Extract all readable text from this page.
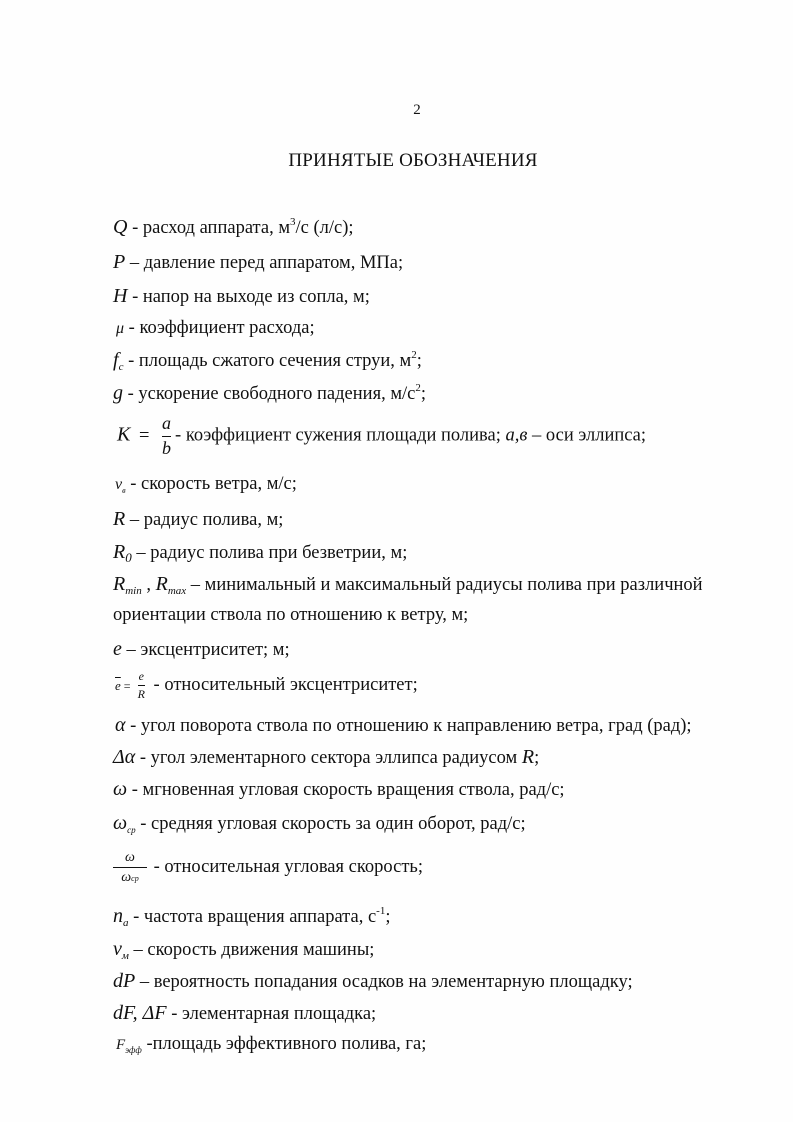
2
ПРИНЯТЫЕ ОБОЗНАЧЕНИЯ
Q - расход аппарата, $м^3/с$ (л/с);
P – давление перед аппаратом, МПа;
H - напор на выходе из сопла, м;
μ - коэффициент расхода;
$f_c$ - площадь сжатого сечения струи, $м^2$;
g - ускорение свободного падения, $м/с^2$;
$K = \frac{a}{b}$ - коэффициент сужения площади полива; а,в – оси эллипса;
$v_в$ - скорость ветра, м/с;
R – радиус полива, м;
$R_0$ – радиус полива при безветрии, м;
$R_{min}$ , $R_{max}$ – минимальный и максимальный радиусы полива при различной
ориентации ствола по отношению к ветру, м;
e – эксцентриситет; м;
$\overline{e} = \frac{e}{R}$ - относительный эксцентриситет;
α - угол поворота ствола по отношению к направлению ветра, град (рад);
Δα - угол элементарного сектора эллипса радиусом R;
ω - мгновенная угловая скорость вращения ствола, рад/с;
$\omega_{ср}$ - средняя угловая скорость за один оборот, рад/с;
$\frac{\omega}{\text{ωср}}$ - относительная угловая скорость;
$n_a$ - частота вращения аппарата, $с^{-1}$;
$v_м$ – скорость движения машины;
dP – вероятность попадания осадков на элементарную площадку;
dF, ΔF - элементарная площадка;
$F_{эфф}$ -площадь эффективного полива, га;
